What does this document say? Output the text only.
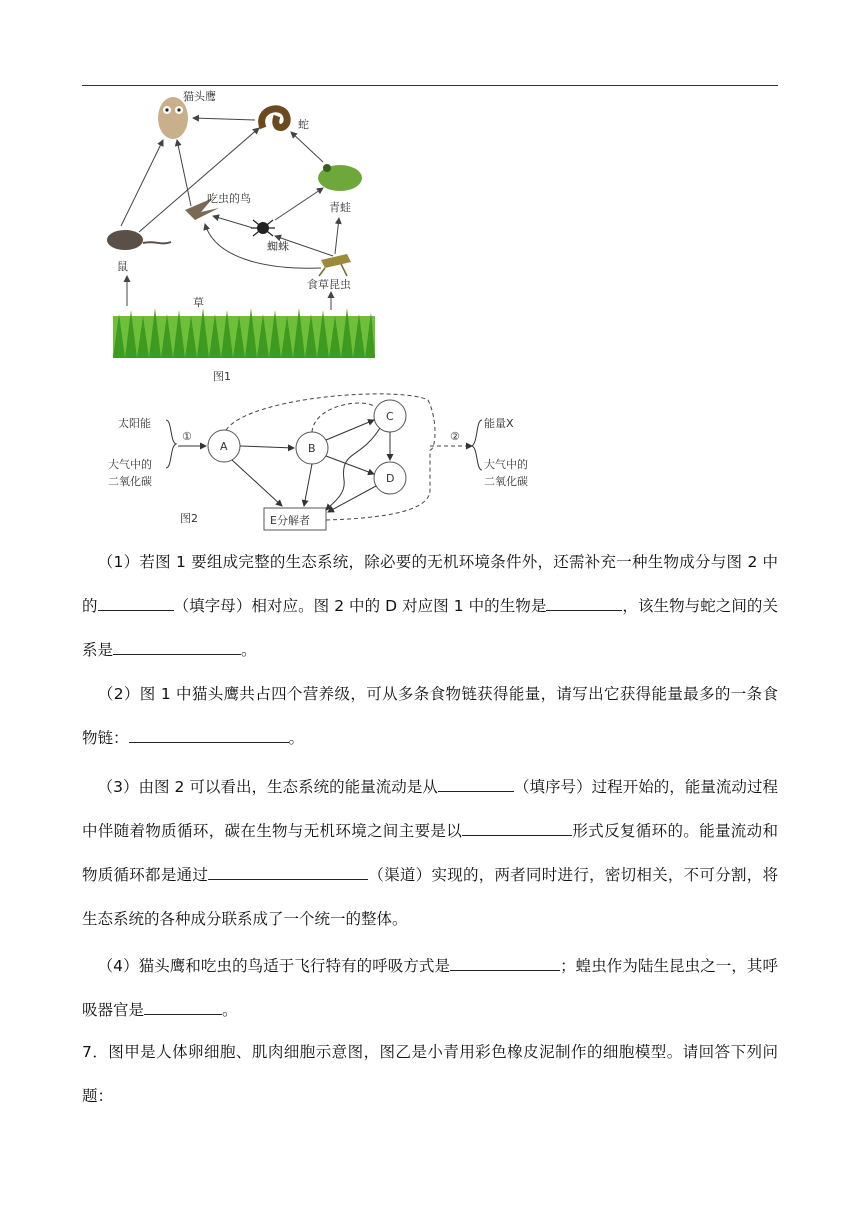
草
猫头鹰
蛇
青蛙
吃虫的鸟
蜘蛛
鼠
食草昆虫
图1
太阳能
大气中的
二氧化碳
①
A	B
C
D
E分解者
②
能量X
大气中的
二氧化碳
图2
 （1）若图 1 要组成完整的生态系统，除必要的无机环境条件外，还需补充一种生物成分与图 2 中的	（填字母）相对应。图 2 中的 D 对应图 1 中的生物是	，该生物与蛇之间的关系是	。
 （2）图 1 中猫头鹰共占四个营养级，可从多条食物链获得能量，请写出它获得能量最多的一条食物链：	。
 （3）由图 2 可以看出，生态系统的能量流动是从	（填序号）过程开始的，能量流动过程中伴随着物质循环，碳在生物与无机环境之间主要是以	形式反复循环的。能量流动和物质循环都是通过	（渠道）实现的，两者同时进行，密切相关，不可分割，将生态系统的各种成分联系成了一个统一的整体。
 （4）猫头鹰和吃虫的鸟适于飞行特有的呼吸方式是	；蝗虫作为陆生昆虫之一，其呼吸器官是	。
7．图甲是人体卵细胞、肌肉细胞示意图，图乙是小青用彩色橡皮泥制作的细胞模型。请回答下列问题：
